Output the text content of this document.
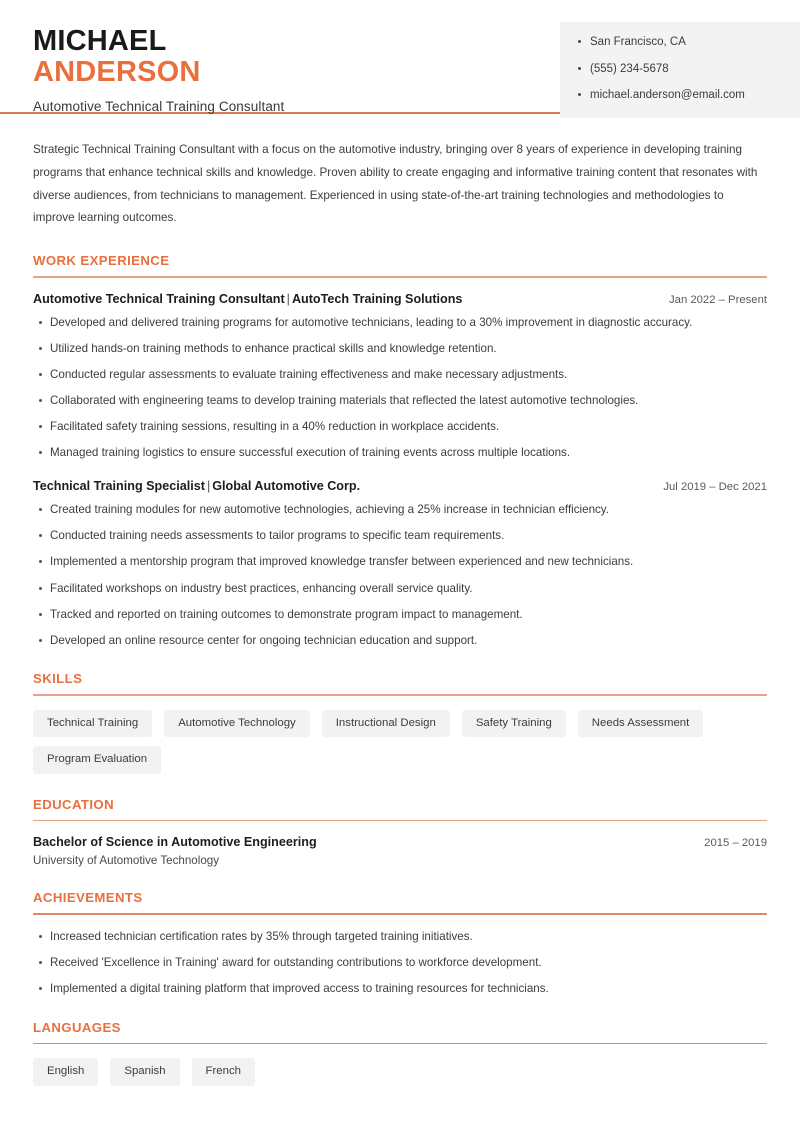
MICHAEL
ANDERSON
Automotive Technical Training Consultant
San Francisco, CA
(555) 234-5678
michael.anderson@email.com

Strategic Technical Training Consultant with a focus on the automotive industry, bringing over 8 years of experience in developing training programs that enhance technical skills and knowledge. Proven ability to create engaging and informative training content that resonates with diverse audiences, from technicians to management. Experienced in using state-of-the-art training technologies and methodologies to improve learning outcomes.

WORK EXPERIENCE
Automotive Technical Training Consultant | AutoTech Training Solutions	Jan 2022 – Present
Developed and delivered training programs for automotive technicians, leading to a 30% improvement in diagnostic accuracy.
Utilized hands-on training methods to enhance practical skills and knowledge retention.
Conducted regular assessments to evaluate training effectiveness and make necessary adjustments.
Collaborated with engineering teams to develop training materials that reflected the latest automotive technologies.
Facilitated safety training sessions, resulting in a 40% reduction in workplace accidents.
Managed training logistics to ensure successful execution of training events across multiple locations.
Technical Training Specialist | Global Automotive Corp.	Jul 2019 – Dec 2021
Created training modules for new automotive technologies, achieving a 25% increase in technician efficiency.
Conducted training needs assessments to tailor programs to specific team requirements.
Implemented a mentorship program that improved knowledge transfer between experienced and new technicians.
Facilitated workshops on industry best practices, enhancing overall service quality.
Tracked and reported on training outcomes to demonstrate program impact to management.
Developed an online resource center for ongoing technician education and support.
SKILLS
Technical Training	Automotive Technology	Instructional Design	Safety Training	Needs Assessment
Program Evaluation
EDUCATION
Bachelor of Science in Automotive Engineering	2015 – 2019
University of Automotive Technology
ACHIEVEMENTS
Increased technician certification rates by 35% through targeted training initiatives.
Received 'Excellence in Training' award for outstanding contributions to workforce development.
Implemented a digital training platform that improved access to training resources for technicians.
LANGUAGES
English	Spanish	French
